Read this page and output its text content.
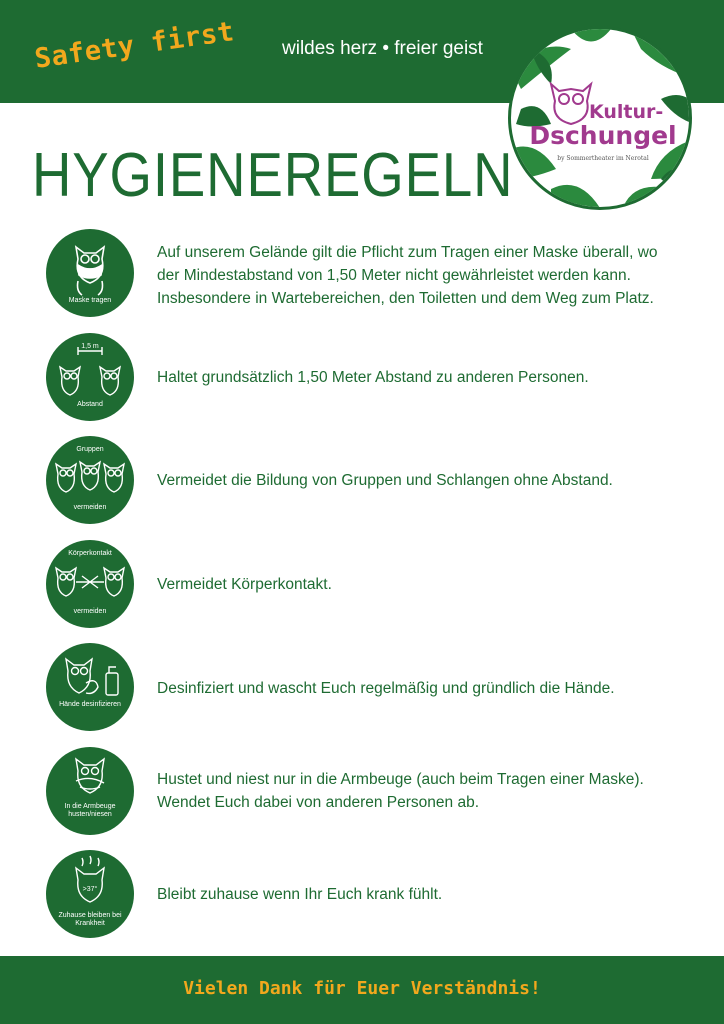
Safety first wildes herz • freier geist
Kultur-
Dschungel
by Sommertheater im Nerotal
HYGIENEREGELN
Maske tragen
Auf unserem Gelände gilt die Pflicht zum Tragen einer Maske überall, wo
der Mindestabstand von 1,50 Meter nicht gewährleistet werden kann.
Insbesondere in Wartebereichen, den Toiletten und dem Weg zum Platz.
1,5 m
Abstand
Haltet grundsätzlich 1,50 Meter Abstand zu anderen Personen.
Gruppen
vermeiden
Vermeidet die Bildung von Gruppen und Schlangen ohne Abstand.
Körperkontakt
vermeiden
Vermeidet Körperkontakt.
Hände desinfizieren
Desinfiziert und wascht Euch regelmäßig und gründlich die Hände.
In die Armbeuge husten/niesen
Hustet und niest nur in die Armbeuge (auch beim Tragen einer Maske).
Wendet Euch dabei von anderen Personen ab.
>37°
Zuhause bleiben bei Krankheit
Bleibt zuhause wenn Ihr Euch krank fühlt.
Vielen Dank für Euer Verständnis!
